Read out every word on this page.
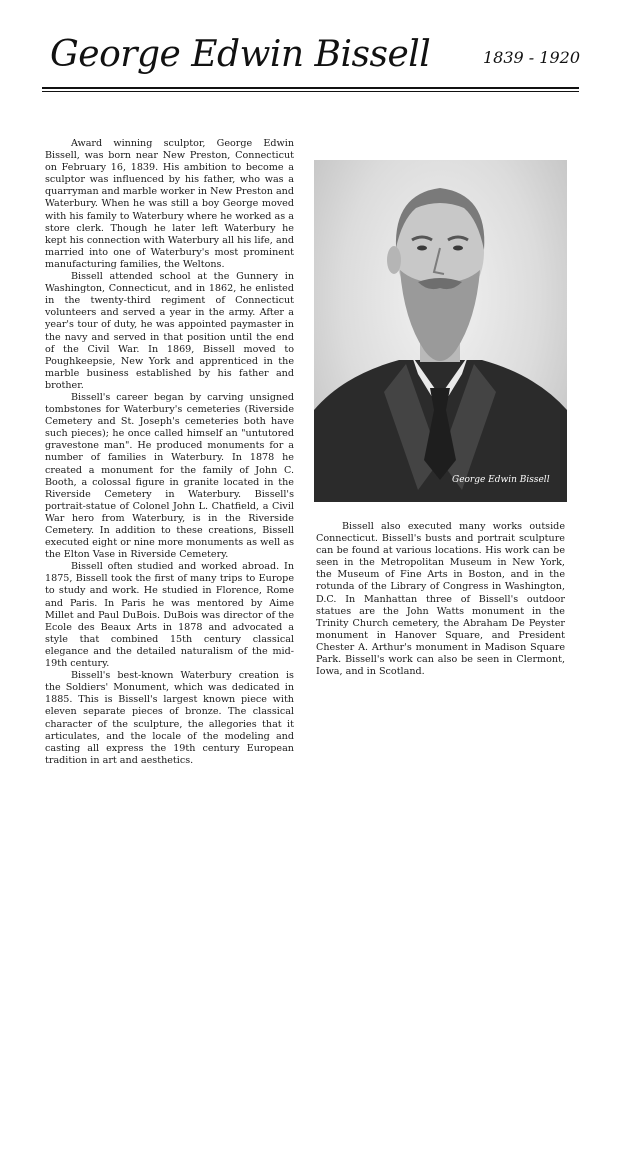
George Edwin Bissell	1839 - 1920

Award winning sculptor, George Edwin Bissell, was born near New Preston, Connecticut on February 16, 1839. His ambition to become a sculptor was influenced by his father, who was a quarryman and marble worker in New Preston and Waterbury. When he was still a boy George moved with his family to Waterbury where he worked as a store clerk. Though he later left Waterbury he kept his connection with Waterbury all his life, and married into one of Waterbury's most prominent manufacturing families, the Weltons.

Bissell attended school at the Gunnery in Washington, Connecticut, and in 1862, he enlisted in the twenty-third regiment of Connecticut volunteers and served a year in the army. After a year's tour of duty, he was appointed paymaster in the navy and served in that position until the end of the Civil War. In 1869, Bissell moved to Poughkeepsie, New York and apprenticed in the marble business established by his father and brother.

Bissell's career began by carving unsigned tombstones for Waterbury's cemeteries (Riverside Cemetery and St. Joseph's cemeteries both have such pieces); he once called himself an "untutored gravestone man". He produced monuments for a number of families in Waterbury. In 1878 he created a monument for the family of John C. Booth, a colossal figure in granite located in the Riverside Cemetery in Waterbury. Bissell's portrait-statue of Colonel John L. Chatfield, a Civil War hero from Waterbury, is in the Riverside Cemetery. In addition to these creations, Bissell executed eight or nine more monuments as well as the Elton Vase in Riverside Cemetery.

Bissell often studied and worked abroad. In 1875, Bissell took the first of many trips to Europe to study and work. He studied in Florence, Rome and Paris. In Paris he was mentored by Aime Millet and Paul DuBois. DuBois was director of the Ecole des Beaux Arts in 1878 and advocated a style that combined 15th century classical elegance and the detailed naturalism of the mid-19th century.

Bissell's best-known Waterbury creation is the Soldiers' Monument, which was dedicated in 1885. This is Bissell's largest known piece with eleven separate pieces of bronze. The classical character of the sculpture, the allegories that it articulates, and the locale of the modeling and casting all express the 19th century European tradition in art and aesthetics.

George Edwin Bissell

Bissell also executed many works outside Connecticut. Bissell's busts and portrait sculpture can be found at various locations. His work can be seen in the Metropolitan Museum in New York, the Museum of Fine Arts in Boston, and in the rotunda of the Library of Congress in Washington, D.C. In Manhattan three of Bissell's outdoor statues are the John Watts monument in the Trinity Church cemetery, the Abraham De Peyster monument in Hanover Square, and President Chester A. Arthur's monument in Madison Square Park. Bissell's work can also be seen in Clermont, Iowa, and in Scotland.
